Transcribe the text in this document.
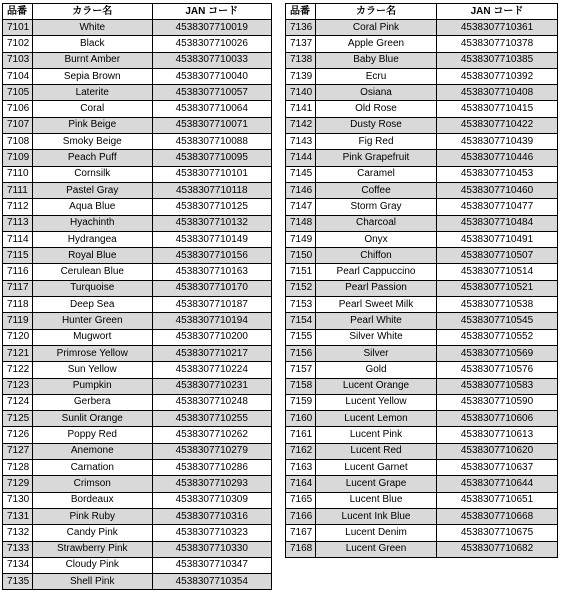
品番	カラー名	JAN コード
7101	White	4538307710019
7102	Black	4538307710026
7103	Burnt Amber	4538307710033
7104	Sepia Brown	4538307710040
7105	Laterite	4538307710057
7106	Coral	4538307710064
7107	Pink Beige	4538307710071
7108	Smoky Beige	4538307710088
7109	Peach Puff	4538307710095
7110	Cornsilk	4538307710101
7111	Pastel Gray	4538307710118
7112	Aqua Blue	4538307710125
7113	Hyachinth	4538307710132
7114	Hydrangea	4538307710149
7115	Royal Blue	4538307710156
7116	Cerulean Blue	4538307710163
7117	Turquoise	4538307710170
7118	Deep Sea	4538307710187
7119	Hunter Green	4538307710194
7120	Mugwort	4538307710200
7121	Primrose Yellow	4538307710217
7122	Sun Yellow	4538307710224
7123	Pumpkin	4538307710231
7124	Gerbera	4538307710248
7125	Sunlit Orange	4538307710255
7126	Poppy Red	4538307710262
7127	Anemone	4538307710279
7128	Carnation	4538307710286
7129	Crimson	4538307710293
7130	Bordeaux	4538307710309
7131	Pink Ruby	4538307710316
7132	Candy Pink	4538307710323
7133	Strawberry Pink	4538307710330
7134	Cloudy Pink	4538307710347
7135	Shell Pink	4538307710354
品番	カラー名	JAN コード
7136	Coral Pink	4538307710361
7137	Apple Green	4538307710378
7138	Baby Blue	4538307710385
7139	Ecru	4538307710392
7140	Osiana	4538307710408
7141	Old Rose	4538307710415
7142	Dusty Rose	4538307710422
7143	Fig Red	4538307710439
7144	Pink Grapefruit	4538307710446
7145	Caramel	4538307710453
7146	Coffee	4538307710460
7147	Storm Gray	4538307710477
7148	Charcoal	4538307710484
7149	Onyx	4538307710491
7150	Chiffon	4538307710507
7151	Pearl Cappuccino	4538307710514
7152	Pearl Passion	4538307710521
7153	Pearl Sweet Milk	4538307710538
7154	Pearl White	4538307710545
7155	Silver White	4538307710552
7156	Silver	4538307710569
7157	Gold	4538307710576
7158	Lucent Orange	4538307710583
7159	Lucent Yellow	4538307710590
7160	Lucent Lemon	4538307710606
7161	Lucent Pink	4538307710613
7162	Lucent Red	4538307710620
7163	Lucent Garnet	4538307710637
7164	Lucent Grape	4538307710644
7165	Lucent Blue	4538307710651
7166	Lucent Ink Blue	4538307710668
7167	Lucent Denim	4538307710675
7168	Lucent Green	4538307710682
